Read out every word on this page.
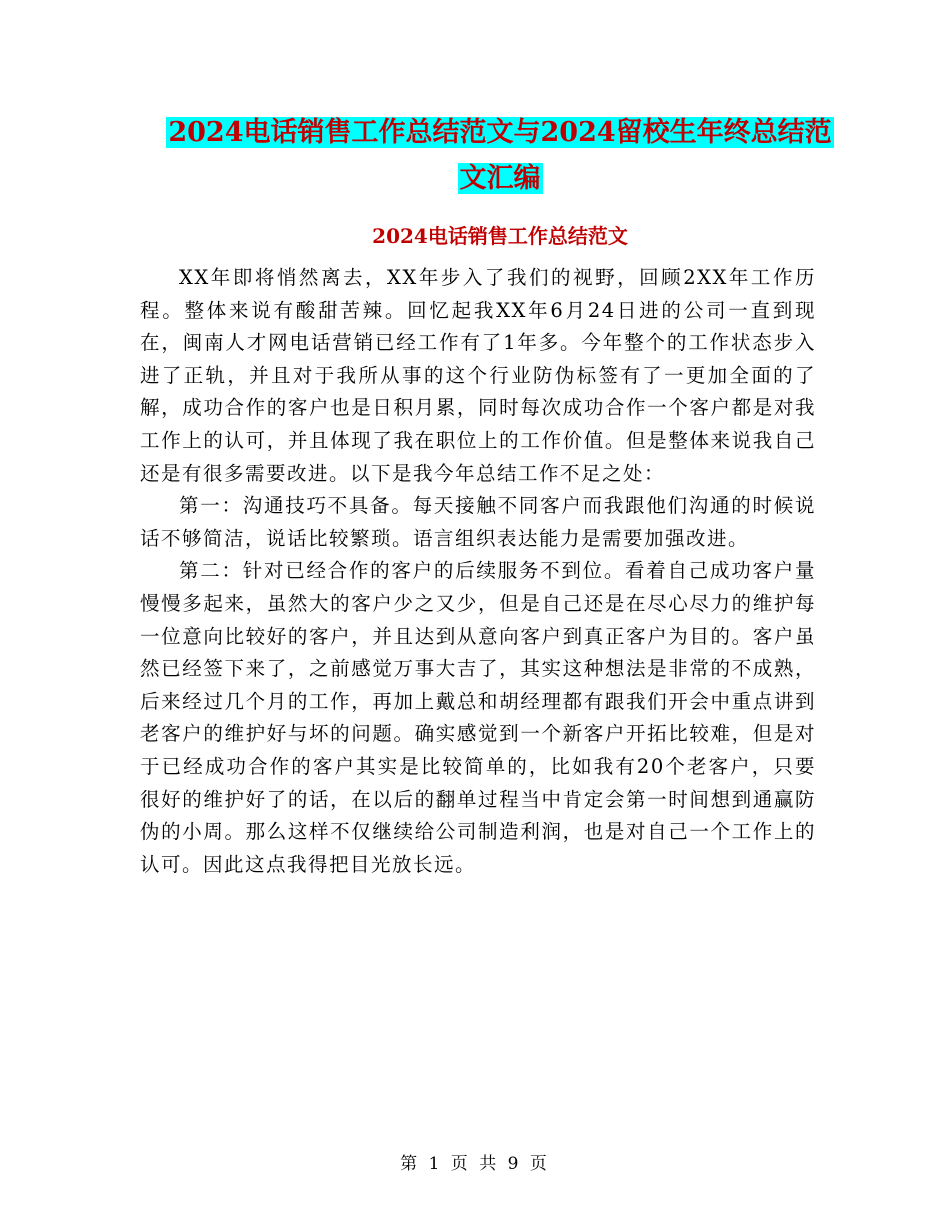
2024电话销售工作总结范文与2024留校生年终总结范
文汇编
2024电话销售工作总结范文

XX年即将悄然离去，XX年步入了我们的视野，回顾2XX年工作历程。整体来说有酸甜苦辣。回忆起我XX年6月24日进的公司一直到现在，闽南人才网电话营销已经工作有了1年多。今年整个的工作状态步入进了正轨，并且对于我所从事的这个行业防伪标签有了一更加全面的了解，成功合作的客户也是日积月累，同时每次成功合作一个客户都是对我工作上的认可，并且体现了我在职位上的工作价值。但是整体来说我自己还是有很多需要改进。以下是我今年总结工作不足之处：

第一：沟通技巧不具备。每天接触不同客户而我跟他们沟通的时候说话不够简洁，说话比较繁琐。语言组织表达能力是需要加强改进。

第二：针对已经合作的客户的后续服务不到位。看着自己成功客户量慢慢多起来，虽然大的客户少之又少，但是自己还是在尽心尽力的维护每一位意向比较好的客户，并且达到从意向客户到真正客户为目的。客户虽然已经签下来了，之前感觉万事大吉了，其实这种想法是非常的不成熟，后来经过几个月的工作，再加上戴总和胡经理都有跟我们开会中重点讲到老客户的维护好与坏的问题。确实感觉到一个新客户开拓比较难，但是对于已经成功合作的客户其实是比较简单的，比如我有20个老客户，只要很好的维护好了的话，在以后的翻单过程当中肯定会第一时间想到通赢防伪的小周。那么这样不仅继续给公司制造利润，也是对自己一个工作上的认可。因此这点我得把目光放长远。

第 1 页 共 9 页
